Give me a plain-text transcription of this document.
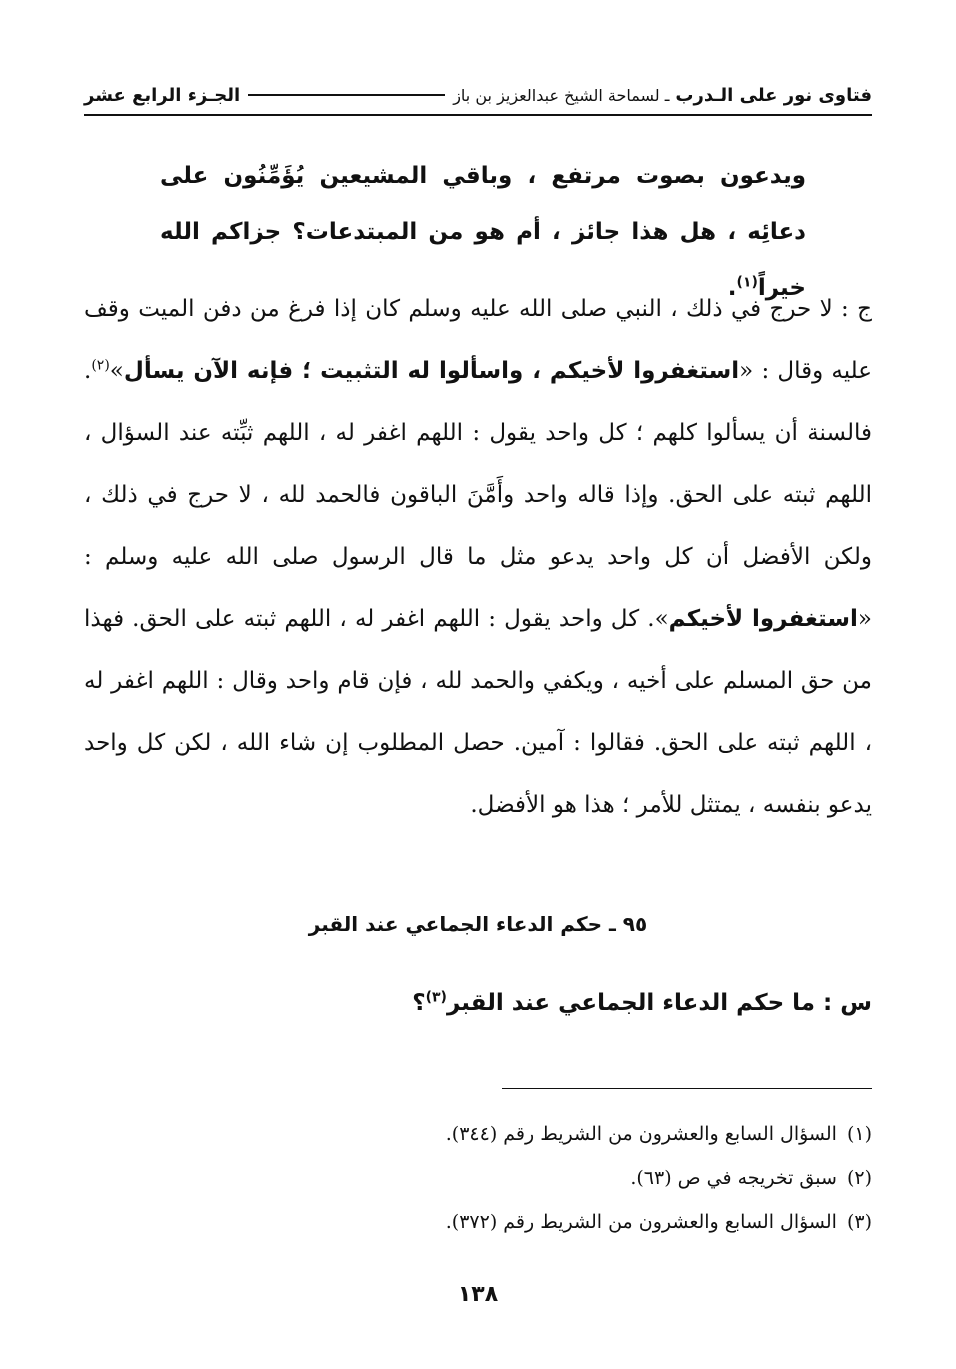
فتاوى نور على الـدرب
ـ لسماحة الشيخ عبدالعزيز بن باز
الجـزء الرابع عشر
ويدعون بصوت مرتفع ، وباقي المشيعين يُؤَمِّنُون على دعائِه ، هل هذا جائز ، أم هو من المبتدعات؟ جزاكم الله خيراً$^{(١)}$.
ج : لا حرج في ذلك ، النبي صلى الله عليه وسلم كان إذا فرغ من دفن الميت وقف عليه وقال : «استغفروا لأخيكم ، واسألوا له التثبيت ؛ فإنه الآن يسأل»$^{(٢)}$. فالسنة أن يسألوا كلهم ؛ كل واحد يقول : اللهم اغفر له ، اللهم ثبِّته عند السؤال ، اللهم ثبته على الحق. وإذا قاله واحد وأَمَّنَ الباقون فالحمد لله ، لا حرج في ذلك ، ولكن الأفضل أن كل واحد يدعو مثل ما قال الرسول صلى الله عليه وسلم : «استغفروا لأخيكم». كل واحد يقول : اللهم اغفر له ، اللهم ثبته على الحق. فهذا من حق المسلم على أخيه ، ويكفي والحمد لله ، فإن قام واحد وقال : اللهم اغفر له ، اللهم ثبته على الحق. فقالوا : آمين. حصل المطلوب إن شاء الله ، لكن كل واحد يدعو بنفسه ، يمتثل للأمر ؛ هذا هو الأفضل.
٩٥ ـ حكم الدعاء الجماعي عند القبر
س : ما حكم الدعاء الجماعي عند القبر$^{(٣)}$؟
(١)
السؤال السابع والعشرون من الشريط رقم (٣٤٤).
(٢)
سبق تخريجه في ص (٦٣).
(٣)
السؤال السابع والعشرون من الشريط رقم (٣٧٢).
١٣٨
